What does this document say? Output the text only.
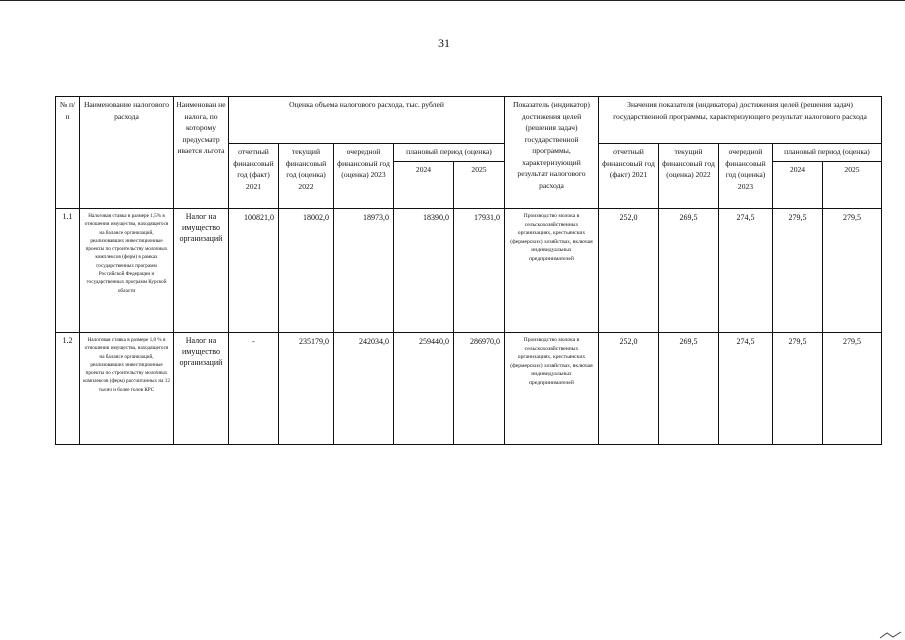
31
№ п/п	Наименование налогового расхода	Наименован не налога, по которому предусматр ивается льгота	Оценка объема налогового расхода, тыс. рублей					Показатель (индикатор) достижения целей (решения задач) государственной программы, характеризующий результат налогового расхода	Значения показателя (индикатора) достижения целей (решения задач) государственной программы, характеризующего результат налогового расхода				
			отчетный финансовый год (факт) 2021	текущий финансовый год (оценка) 2022	очередной финансовый год (оценка) 2023	плановый период (оценка)			отчетный финансовый год (факт) 2021	текущий финансовый год (оценка) 2022	очередной финансовый год (оценка) 2023	плановый период (оценка)	
						2024	2025					2024	2025
1.1	Налоговая ставка в размере 1,5% в отношении имущества, находящегося на балансе организаций, реализовавших инвестиционные проекты по строительству молочных комплексов (ферм) в рамках государственных программ Российской Федерации и государственных программ Курской области	Налог на имущество организаций	100821,0	18002,0	18973,0	18390,0	17931,0	Производство молока в сельскохозяйственных организациях, крестьянских (фермерских) хозяйствах, включая индивидуальных предпринимателей	252,0	269,5	274,5	279,5	279,5
1.2	Налоговая ставка в размере 1,0 % в отношении имущества, находящегося на балансе организаций, реализовавших инвестиционные проекты по строительству молочных комплексов (ферм) рассчитанных на 12 тысяч и более голов КРС	Налог на имущество организаций	-	235179,0	242034,0	259440,0	286970,0	Производство молока в сельскохозяйственных организациях, крестьянских (фермерских) хозяйствах, включая индивидуальных предпринимателей	252,0	269,5	274,5	279,5	279,5
